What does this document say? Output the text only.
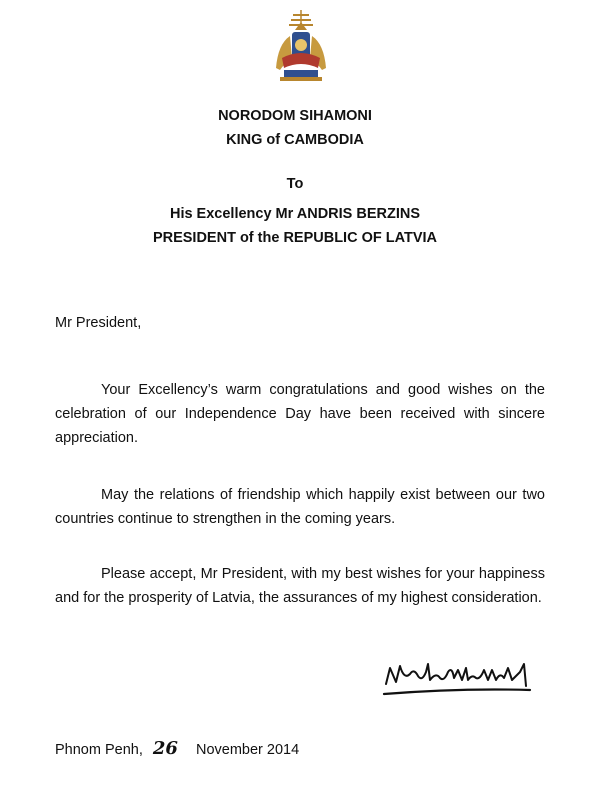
NORODOM SIHAMONI
KING of CAMBODIA
To
His Excellency Mr ANDRIS BERZINS
PRESIDENT of the REPUBLIC OF LATVIA
Mr President,
Your Excellency’s warm congratulations and good wishes on the celebration of our Independence Day have been received with sincere appreciation.
May the relations of friendship which happily exist between our two countries continue to strengthen in the coming years.
Please accept, Mr President, with my best wishes for your happiness and for the prosperity of Latvia, the assurances of my highest consideration.
Phnom Penh, 26 November 2014
